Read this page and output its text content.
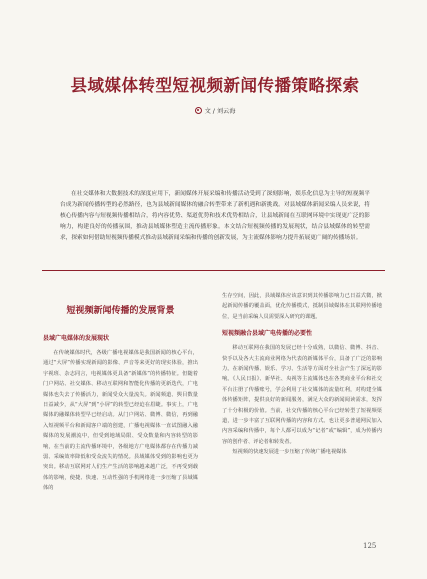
县域媒体转型短视频新闻传播策略探索
文 / 刘云海

在社交媒体和大数据技术的深度应用下，新闻媒体开展采编和传播活动受到了深刻影响，娱乐化信息为主导的短视频平台成为新闻传播转型的必然路径，也为县域新闻媒体的融合转型带来了新机遇和新挑战。对县域媒体新闻采编人员来说，将核心传播内容与短视频传播相结合，将内容优势、渠道优势和技术优势相结合，让县域新闻在互联网环境中实现更广泛的影响力，构建良好的传播氛围，推动县域媒体塑造主流传播形象。本文结合短视频传播的发展现状，结合县域媒体的转型需求，探索如何借助短视频传播模式推动县域新闻采编和传播的创新发展，为主流媒体影响力提升拓展更广阔的传播场景。

短视频新闻传播的发展背景
县域广电媒体的发展现状

在传统媒体时代，各级广播电视媒体是我国新闻的核心平台，通过“大屏”传播实现新闻的影像、声音等来更好的现实体验，推出宇视班、杂志同言，电视媒体更具备“新媒体”的传播特征。但随着门户网站、社交媒体、移动互联网和智能化传播的更新迭代，广电媒体也失去了传播活力，新闻受众大量流失。新闻频道、舆目数量日益减少，从“大屏”到“小屏”的转型已经迫在眉睫。事实上，广电媒体的融媒体转型早已经启动。从门户网站、微博、微信，再到融入短视频平台和新闻客户端的创建，广播电视媒体一直试图融入融媒体的发展潮流中，但受到地域局限、受众数量和内容转型的影响，在当前的主流传播环境中，各级地方广电媒体都存在传播力减弱、采编效率降低和受众流失的情况。县域媒体受到的影响也更为突出。移动互联网对人们生产生活的影响越来越广泛，不再受到载体的影响，使捷、快速、互动性强的手机网络进一步压缩了县域媒体的

生存空间，因此，县域媒体应该意识到其传播影响力已日益式微，掀起新闻传播的覆盖面，优化传播模式，抵制县域媒体在其联网传播地位，是当前采编人员需要深入研究的课题。

短视频融合县域广电传播的必要性

移动互联网在我国的发展已经十分成熟，以微信、微博、抖音、快手以及各大主流商业网络为代表的新媒体平台，具备了广泛的影响力。在新闻传播、娱乐、学习、生活等方面对全社会产生了深远的影响。《人民日报》、新华社、央视等主流媒体也在各类商业平台和社交平台注册了传播账号，学会利用了社交媒体的流量红利，对构建全媒体传播矩阵，提供良好的新闻服务，满足大众的新闻阅读需求，发挥了十分积极的价值。当前，社交传播的核心平台已经转型了短视频渠道，进一步丰富了互联网传播的内容和方式。也让更多普通网民加入内容采编和传播中，每个人都可以成为“记者”或“编辑”，成为传播内容的创作者、评论者和转发者。

短视频的快速发展进一步压缩了传统广播电视媒体

125
